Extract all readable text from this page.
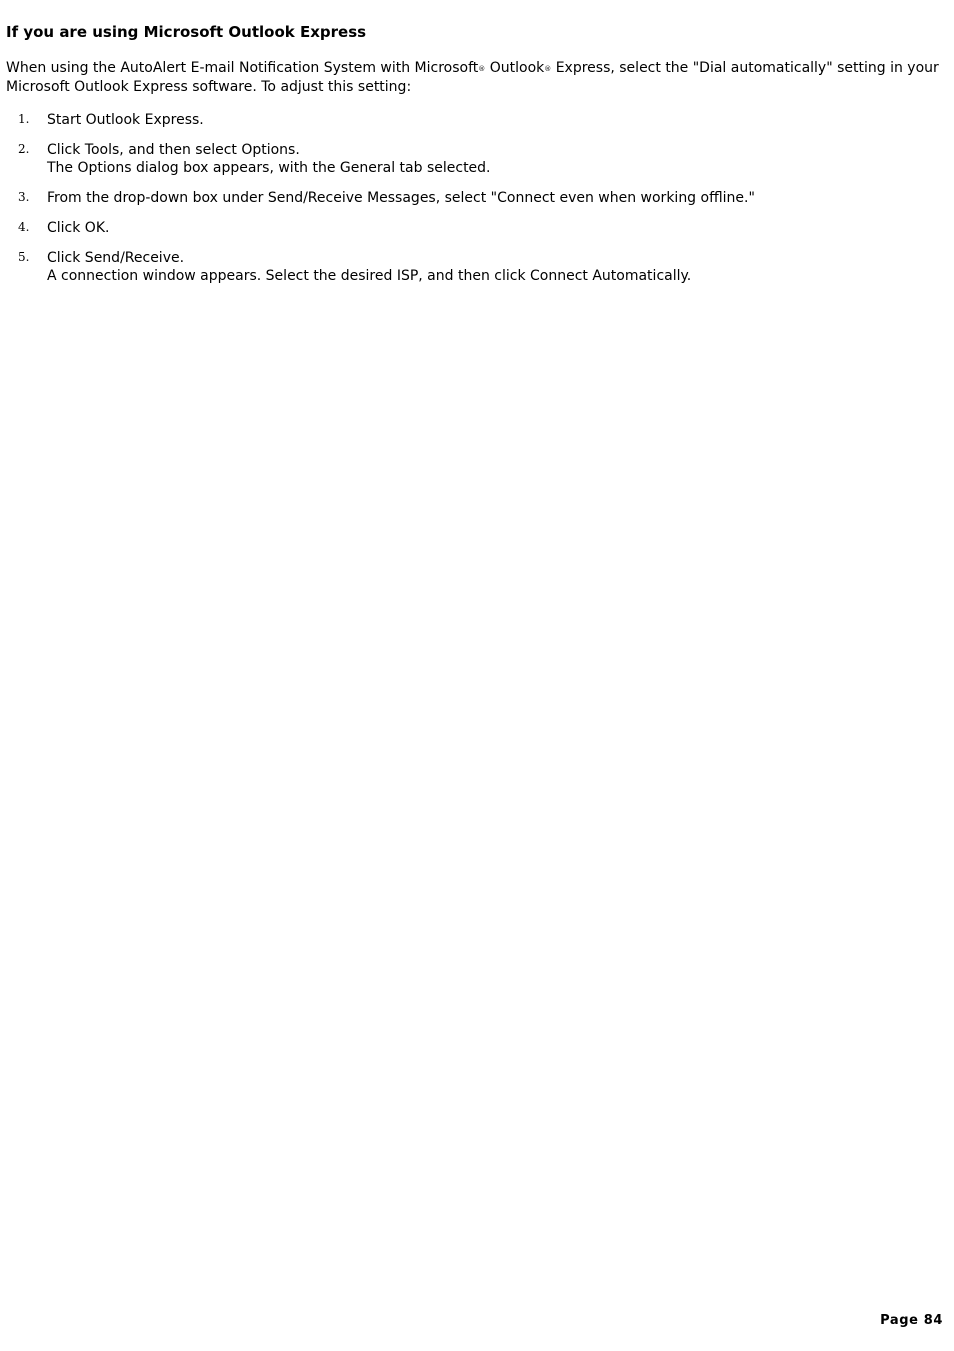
If you are using Microsoft Outlook Express

When using the AutoAlert E-mail Notification System with Microsoft® Outlook® Express, select the "Dial automatically" setting in your Microsoft Outlook Express software. To adjust this setting:

1. Start Outlook Express.
2. Click Tools, and then select Options.
The Options dialog box appears, with the General tab selected.
3. From the drop-down box under Send/Receive Messages, select "Connect even when working offline."
4. Click OK.
5. Click Send/Receive.
A connection window appears. Select the desired ISP, and then click Connect Automatically.
Page 84
